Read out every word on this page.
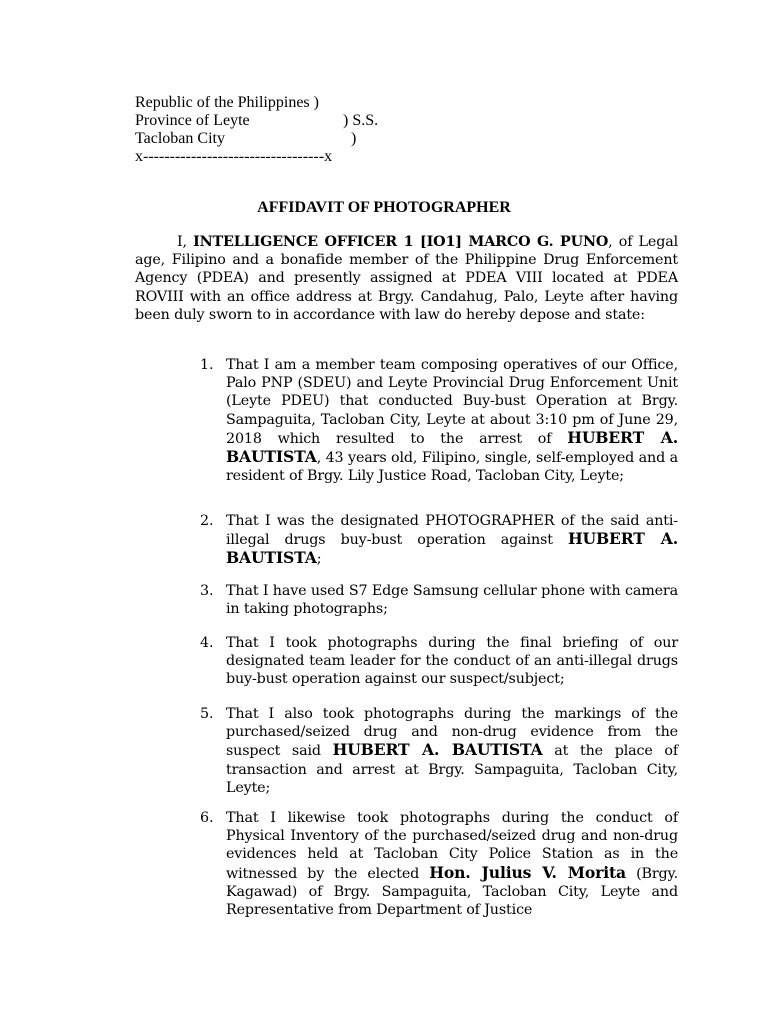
Republic of the Philippines )
Province of Leyte	) S.S.
Tacloban City	)
x----------------------------------x
AFFIDAVIT OF PHOTOGRAPHER
I, INTELLIGENCE OFFICER 1 [IO1] MARCO G. PUNO, of Legal age, Filipino and a bonafide member of the Philippine Drug Enforcement Agency (PDEA) and presently assigned at PDEA VIII located at PDEA ROVIII with an office address at Brgy. Candahug, Palo, Leyte after having been duly sworn to in accordance with law do hereby depose and state:
1. That I am a member team composing operatives of our Office, Palo PNP (SDEU) and Leyte Provincial Drug Enforcement Unit (Leyte PDEU) that conducted Buy-bust Operation at Brgy. Sampaguita, Tacloban City, Leyte at about 3:10 pm of June 29, 2018 which resulted to the arrest of HUBERT A. BAUTISTA, 43 years old, Filipino, single, self-employed and a resident of Brgy. Lily Justice Road, Tacloban City, Leyte;
2. That I was the designated PHOTOGRAPHER of the said anti-illegal drugs buy-bust operation against HUBERT A. BAUTISTA;
3. That I have used S7 Edge Samsung cellular phone with camera in taking photographs;
4. That I took photographs during the final briefing of our designated team leader for the conduct of an anti-illegal drugs buy-bust operation against our suspect/subject;
5. That I also took photographs during the markings of the purchased/seized drug and non-drug evidence from the suspect said HUBERT A. BAUTISTA at the place of transaction and arrest at Brgy. Sampaguita, Tacloban City, Leyte;
6. That I likewise took photographs during the conduct of Physical Inventory of the purchased/seized drug and non-drug evidences held at Tacloban City Police Station as in the witnessed by the elected Hon. Julius V. Morita (Brgy. Kagawad) of Brgy. Sampaguita, Tacloban City, Leyte and Representative from Department of Justice
